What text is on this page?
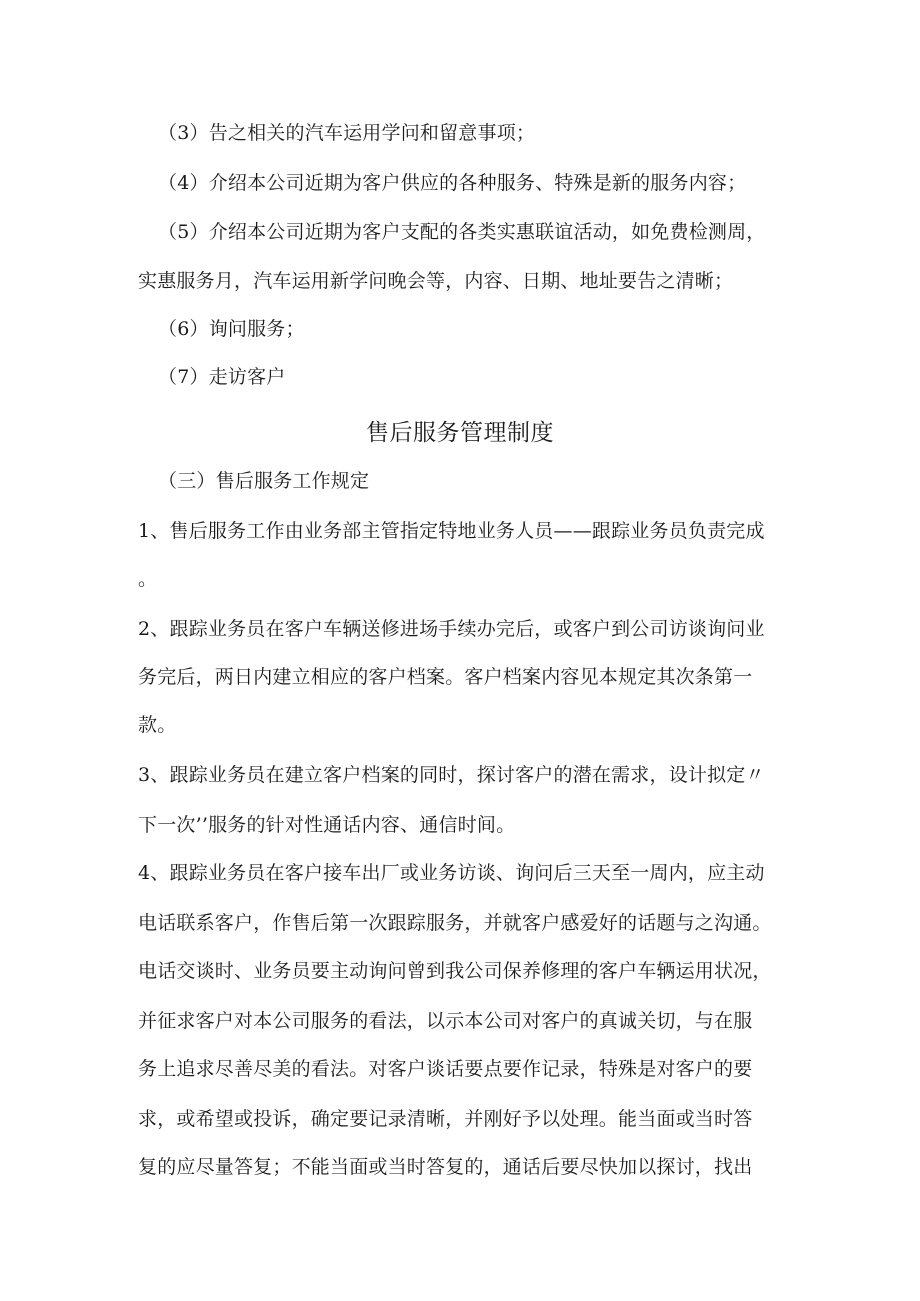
（3）告之相关的汽车运用学问和留意事项；
（4）介绍本公司近期为客户供应的各种服务、特殊是新的服务内容；
（5）介绍本公司近期为客户支配的各类实惠联谊活动，如免费检测周，
实惠服务月，汽车运用新学问晚会等，内容、日期、地址要告之清晰；
（6）询问服务；
（7）走访客户
售后服务管理制度
（三）售后服务工作规定
1、售后服务工作由业务部主管指定特地业务人员——跟踪业务员负责完成
。
2、跟踪业务员在客户车辆送修进场手续办完后，或客户到公司访谈询问业
务完后，两日内建立相应的客户档案。客户档案内容见本规定其次条第一
款。
3、跟踪业务员在建立客户档案的同时，探讨客户的潜在需求，设计拟定〃
下一次’’服务的针对性通话内容、通信时间。
4、跟踪业务员在客户接车出厂或业务访谈、询问后三天至一周内，应主动
电话联系客户，作售后第一次跟踪服务，并就客户感爱好的话题与之沟通。
电话交谈时、业务员要主动询问曾到我公司保养修理的客户车辆运用状况，
并征求客户对本公司服务的看法，以示本公司对客户的真诚关切，与在服
务上追求尽善尽美的看法。对客户谈话要点要作记录，特殊是对客户的要
求，或希望或投诉，确定要记录清晰，并刚好予以处理。能当面或当时答
复的应尽量答复；不能当面或当时答复的，通话后要尽快加以探讨，找出
